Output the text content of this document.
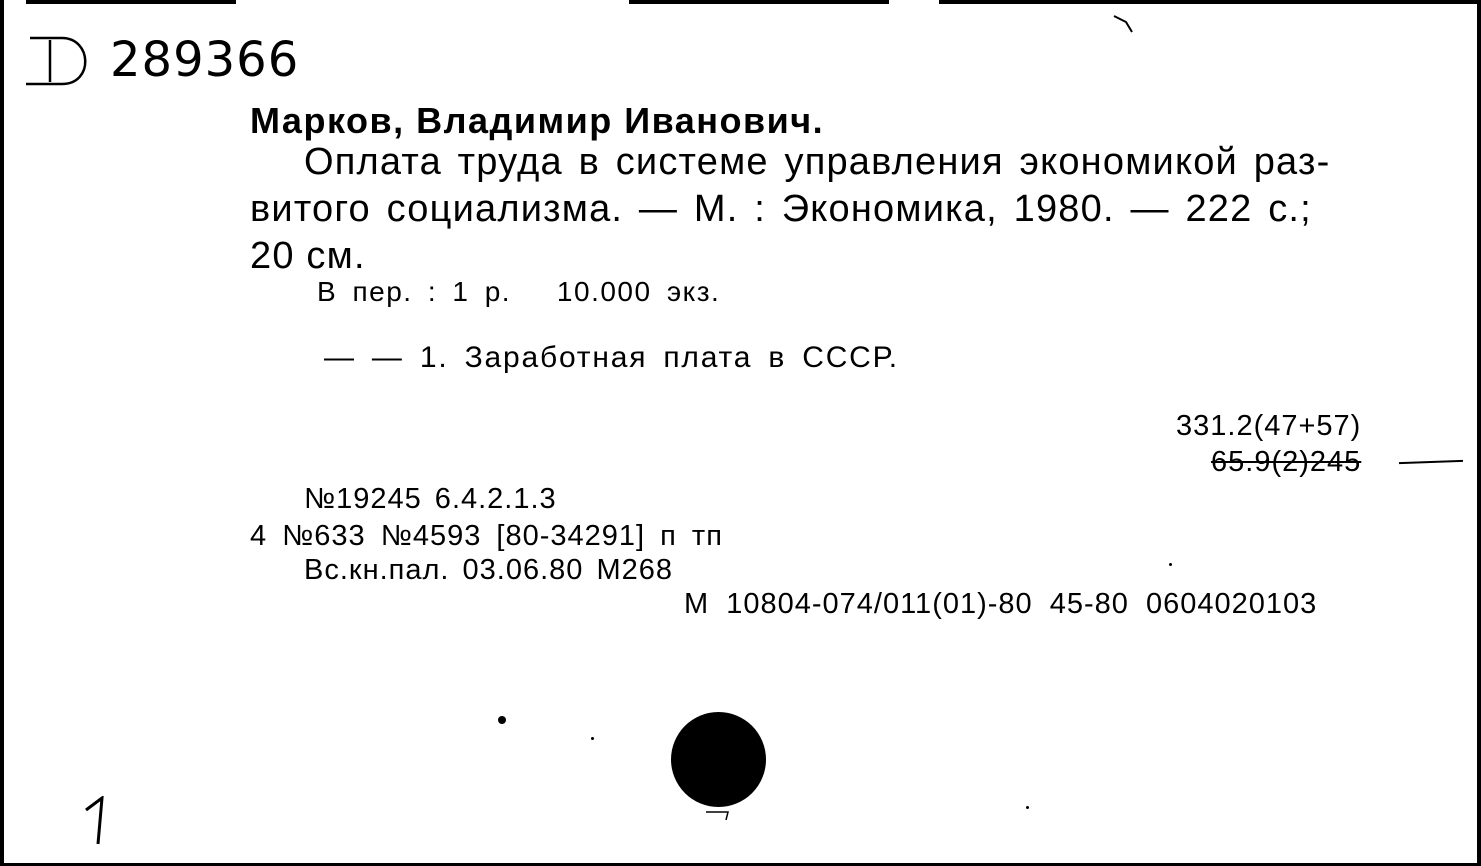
289366
Марков, Владимир Иванович.
Оплата труда в системе управления экономикой раз-
витого социализма. — М. : Экономика, 1980. — 222 с.;
20 см.
В пер. : 1 р.   10.000 экз.
— — 1. Заработная плата в СССР.
331.2(47+57)
65.9(2)245
№19245 6.4.2.1.3
4 №633 №4593 [80-34291] п тп
Вс.кн.пал. 03.06.80 М268
М 10804-074/011(01)-80 45-80 0604020103
